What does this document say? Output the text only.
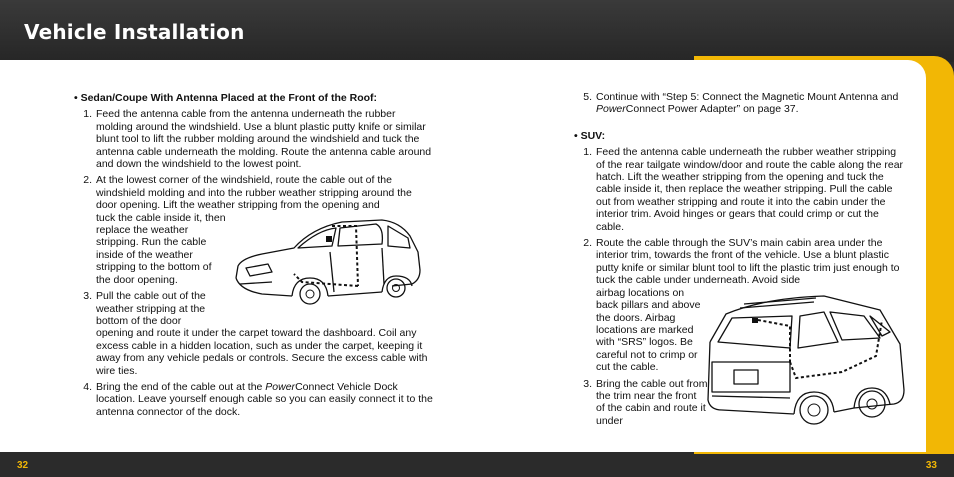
Vehicle Installation
32	33

• Sedan/Coupe With Antenna Placed at the Front of the Roof:

1. Feed the antenna cable from the antenna underneath the rubber molding around the windshield. Use a blunt plastic putty knife or similar blunt tool to lift the rubber molding around the windshield and tuck the antenna cable underneath the molding. Route the antenna cable around and down the windshield to the lowest point.
2. At the lowest corner of the windshield, route the cable out of the windshield molding and into the rubber weather stripping around the door opening. Lift the weather stripping from the opening and
tuck the cable inside it, then replace the weather stripping. Run the cable inside of the weather stripping to the bottom of the door opening.
3. Pull the cable out of the weather stripping at the bottom of the door
opening and route it under the carpet toward the dashboard. Coil any excess cable in a hidden location, such as under the carpet, keeping it away from any vehicle pedals or controls. Secure the excess cable with wire ties.
4. Bring the end of the cable out at the PowerConnect Vehicle Dock location. Leave yourself enough cable so you can easily connect it to the antenna connector of the dock.
5. Continue with “Step 5: Connect the Magnetic Mount Antenna and PowerConnect Power Adapter” on page 37.

• SUV:

1. Feed the antenna cable underneath the rubber weather stripping of the rear tailgate window/door and route the cable along the rear hatch. Lift the weather stripping from the opening and tuck the cable inside it, then replace the weather stripping. Pull the cable out from weather stripping and route it into the cabin under the interior trim. Avoid hinges or gears that could crimp or cut the cable.
2. Route the cable through the SUV’s main cabin area under the interior trim, towards the front of the vehicle. Use a blunt plastic putty knife or similar blunt tool to lift the plastic trim just enough to tuck the cable under underneath. Avoid side
airbag locations on back pillars and above the doors. Airbag locations are marked with “SRS” logos. Be careful not to crimp or cut the cable.
3. Bring the cable out from the trim near the front of the cabin and route it under
